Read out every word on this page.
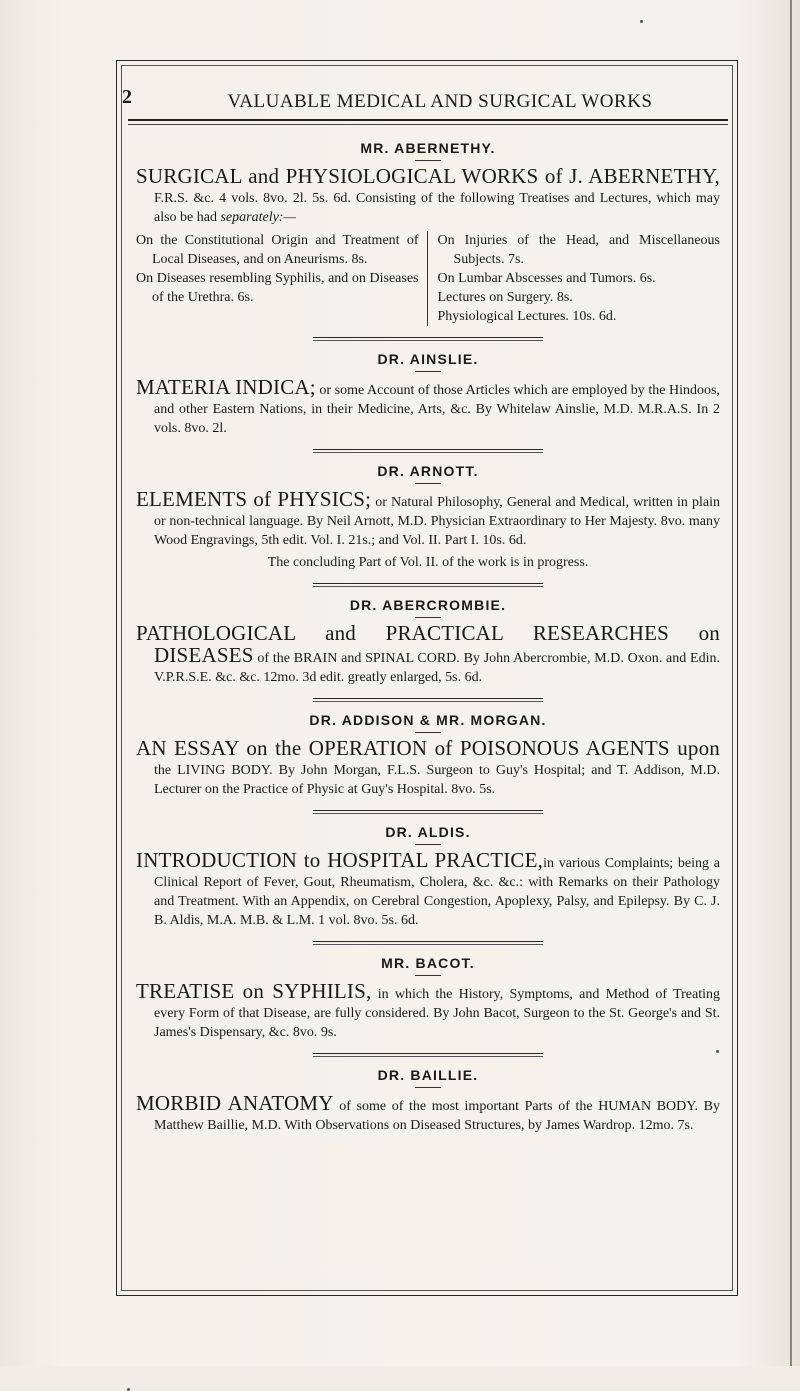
2	VALUABLE MEDICAL AND SURGICAL WORKS
MR. ABERNETHY.

SURGICAL and PHYSIOLOGICAL WORKS of J. ABERNETHY, F.R.S. &c. 4 vols. 8vo. 2l. 5s. 6d. Consisting of the following Treatises and Lectures, which may also be had separately:—

On the Constitutional Origin and Treatment of Local Diseases, and on Aneurisms. 8s.

On Diseases resembling Syphilis, and on Diseases of the Urethra. 6s.

On Injuries of the Head, and Miscellaneous Subjects. 7s.

On Lumbar Abscesses and Tumors. 6s.

Lectures on Surgery. 8s.

Physiological Lectures. 10s. 6d.

DR. AINSLIE.

MATERIA INDICA; or some Account of those Articles which are employed by the Hindoos, and other Eastern Nations, in their Medicine, Arts, &c. By Whitelaw Ainslie, M.D. M.R.A.S. In 2 vols. 8vo. 2l.

DR. ARNOTT.

ELEMENTS of PHYSICS; or Natural Philosophy, General and Medical, written in plain or non-technical language. By Neil Arnott, M.D. Physician Extraordinary to Her Majesty. 8vo. many Wood Engravings, 5th edit. Vol. I. 21s.; and Vol. II. Part I. 10s. 6d.

The concluding Part of Vol. II. of the work is in progress.

DR. ABERCROMBIE.

PATHOLOGICAL and PRACTICAL RESEARCHES on DISEASES of the BRAIN and SPINAL CORD. By John Abercrombie, M.D. Oxon. and Edin. V.P.R.S.E. &c. &c. 12mo. 3d edit. greatly enlarged, 5s. 6d.

DR. ADDISON & MR. MORGAN.

AN ESSAY on the OPERATION of POISONOUS AGENTS upon the LIVING BODY. By John Morgan, F.L.S. Surgeon to Guy's Hospital; and T. Addison, M.D. Lecturer on the Practice of Physic at Guy's Hospital. 8vo. 5s.

DR. ALDIS.

INTRODUCTION to HOSPITAL PRACTICE,in various Complaints; being a Clinical Report of Fever, Gout, Rheumatism, Cholera, &c. &c.: with Remarks on their Pathology and Treatment. With an Appendix, on Cerebral Congestion, Apoplexy, Palsy, and Epilepsy. By C. J. B. Aldis, M.A. M.B. & L.M. 1 vol. 8vo. 5s. 6d.

MR. BACOT.

TREATISE on SYPHILIS, in which the History, Symptoms, and Method of Treating every Form of that Disease, are fully considered. By John Bacot, Surgeon to the St. George's and St. James's Dispensary, &c. 8vo. 9s.

DR. BAILLIE.

MORBID ANATOMY of some of the most important Parts of the HUMAN BODY. By Matthew Baillie, M.D. With Observations on Diseased Structures, by James Wardrop. 12mo. 7s.
